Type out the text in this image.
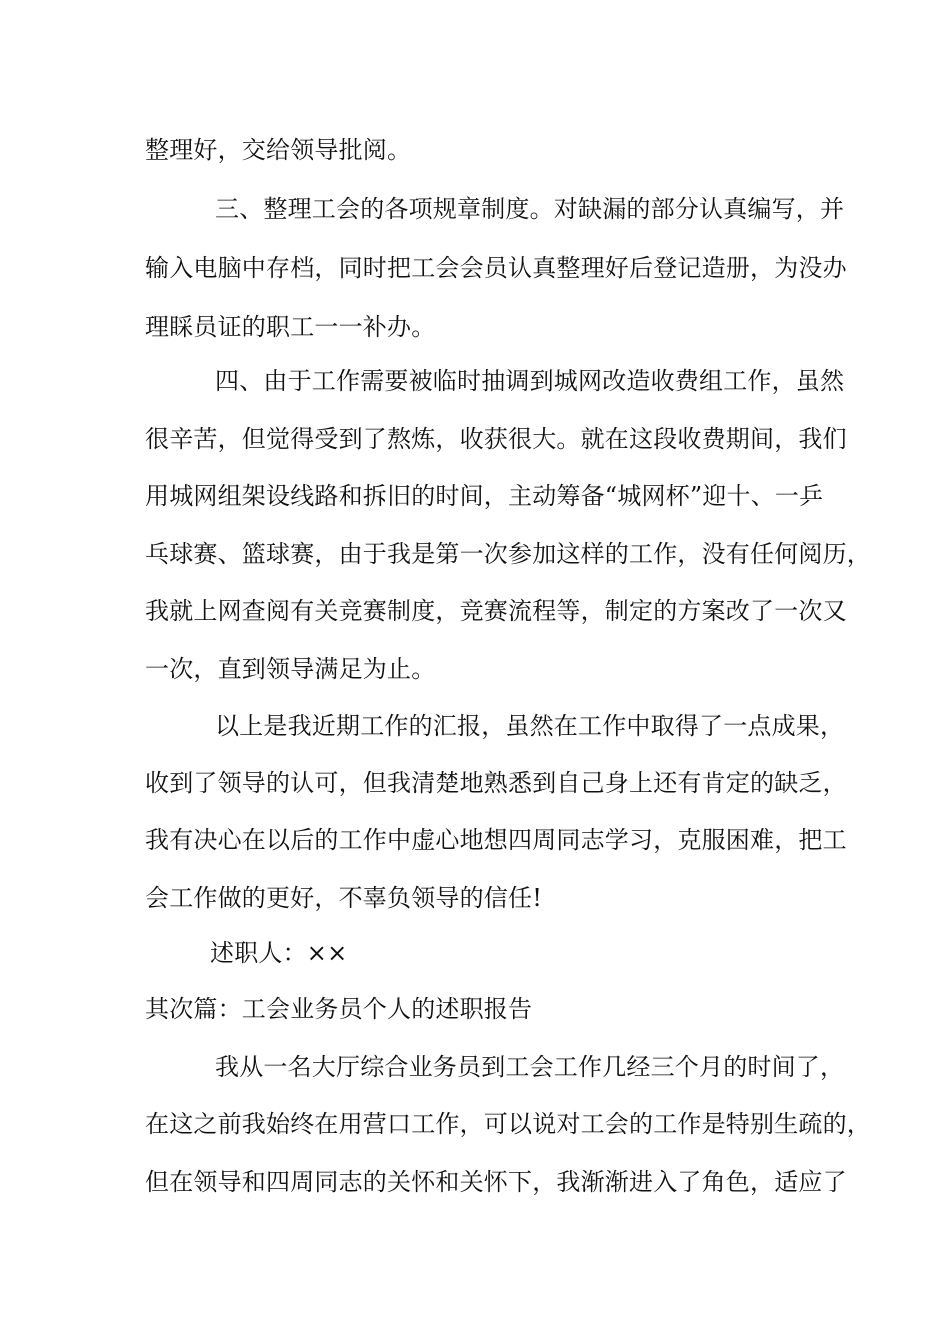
整理好，交给领导批阅。
三、整理工会的各项规章制度。对缺漏的部分认真编写，并
输入电脑中存档，同时把工会会员认真整理好后登记造册，为没办
理睬员证的职工一一补办。
四、由于工作需要被临时抽调到城网改造收费组工作，虽然
很辛苦，但觉得受到了熬炼，收获很大。就在这段收费期间，我们
用城网组架设线路和拆旧的时间，主动筹备“城网杯”迎十、一乒
乓球赛、篮球赛，由于我是第一次参加这样的工作，没有任何阅历，
我就上网查阅有关竞赛制度，竞赛流程等，制定的方案改了一次又
一次，直到领导满足为止。
以上是我近期工作的汇报，虽然在工作中取得了一点成果，
收到了领导的认可，但我清楚地熟悉到自己身上还有肯定的缺乏，
我有决心在以后的工作中虚心地想四周同志学习，克服困难，把工
会工作做的更好，不辜负领导的信任!
述职人：××
其次篇：工会业务员个人的述职报告
我从一名大厅综合业务员到工会工作几经三个月的时间了，
在这之前我始终在用营口工作，可以说对工会的工作是特别生疏的，
但在领导和四周同志的关怀和关怀下，我渐渐进入了角色，适应了
